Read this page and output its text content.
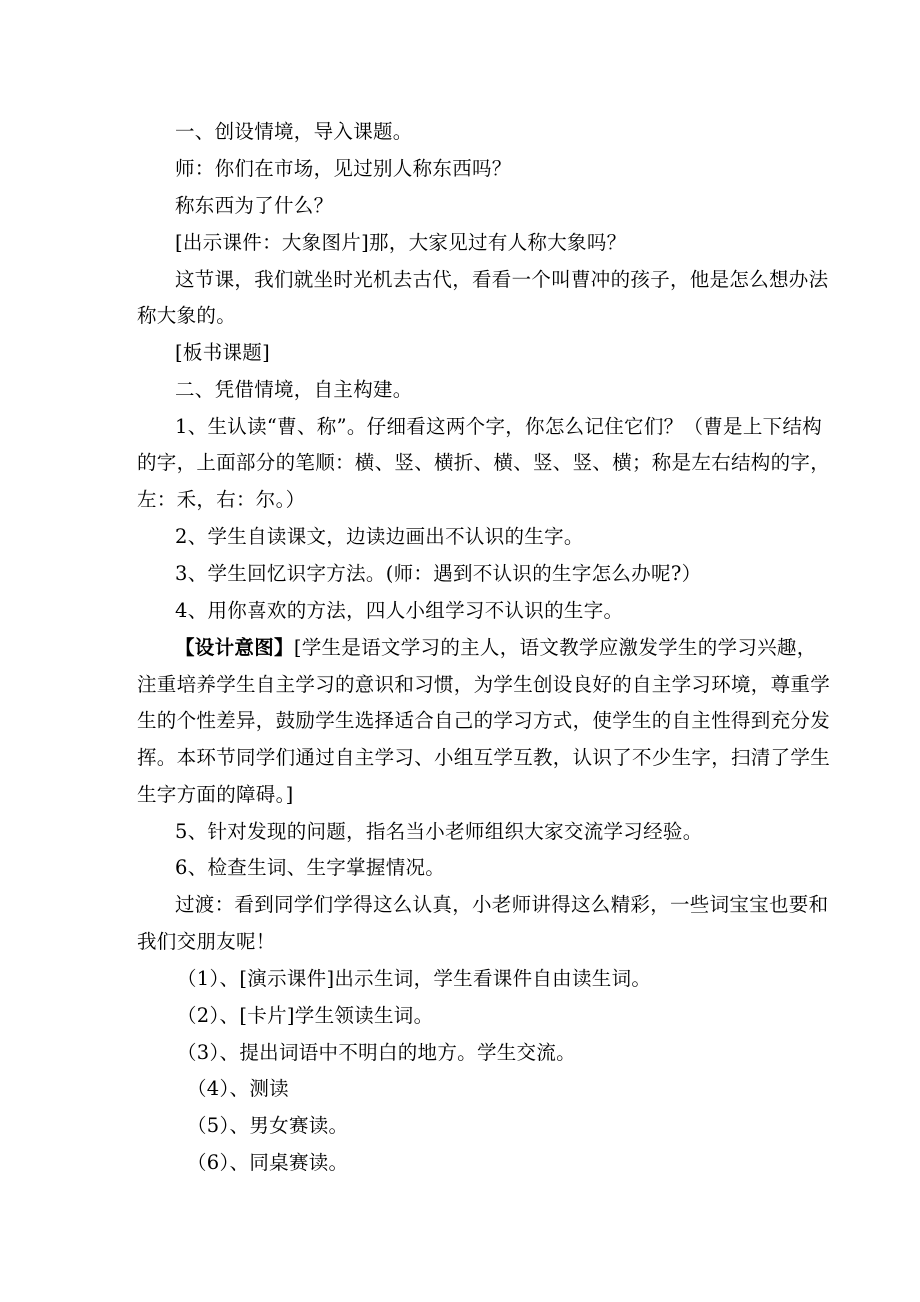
一、创设情境，导入课题。
师：你们在市场，见过别人称东西吗？
称东西为了什么？
[出示课件：大象图片]那，大家见过有人称大象吗？
这节课，我们就坐时光机去古代，看看一个叫曹冲的孩子，他是怎么想办法
称大象的。
[板书课题]
二、凭借情境，自主构建。
1、生认读“曹、称”。仔细看这两个字，你怎么记住它们？（曹是上下结构
的字，上面部分的笔顺：横、竖、横折、横、竖、竖、横；称是左右结构的字，
左：禾，右：尔。）
2、学生自读课文，边读边画出不认识的生字。
3、学生回忆识字方法。(师：遇到不认识的生字怎么办呢?）
4、用你喜欢的方法，四人小组学习不认识的生字。
【设计意图】[学生是语文学习的主人，语文教学应激发学生的学习兴趣，
注重培养学生自主学习的意识和习惯，为学生创设良好的自主学习环境，尊重学
生的个性差异，鼓励学生选择适合自己的学习方式，使学生的自主性得到充分发
挥。本环节同学们通过自主学习、小组互学互教，认识了不少生字，扫清了学生
生字方面的障碍。]
5、针对发现的问题，指名当小老师组织大家交流学习经验。
6、检查生词、生字掌握情况。
过渡：看到同学们学得这么认真，小老师讲得这么精彩，一些词宝宝也要和
我们交朋友呢！
（1）、[演示课件]出示生词，学生看课件自由读生词。
（2）、[卡片]学生领读生词。
（3）、提出词语中不明白的地方。学生交流。
（4）、测读
（5）、男女赛读。
（6）、同桌赛读。
